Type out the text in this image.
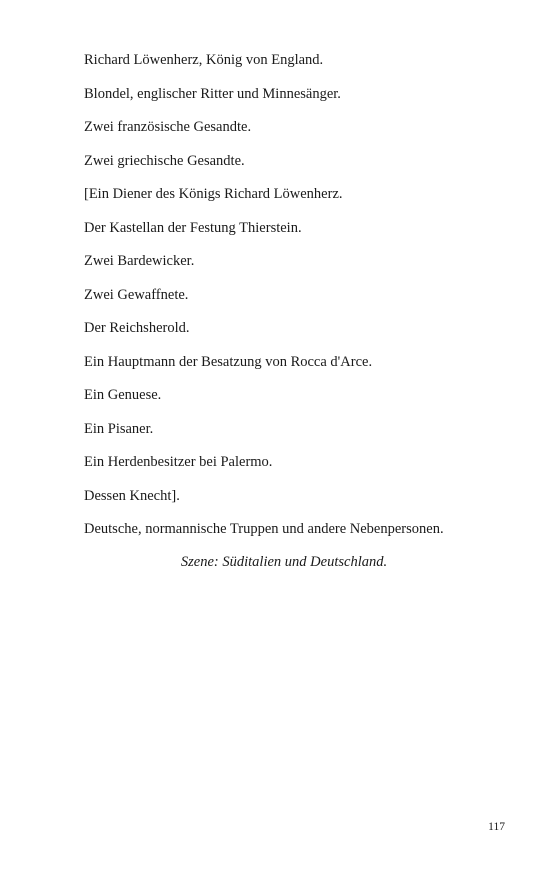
Richard Löwenherz, König von England.
Blondel, englischer Ritter und Minnesänger.
Zwei französische Gesandte.
Zwei griechische Gesandte.
[Ein Diener des Königs Richard Löwenherz.
Der Kastellan der Festung Thierstein.
Zwei Bardewicker.
Zwei Gewaffnete.
Der Reichsherold.
Ein Hauptmann der Besatzung von Rocca d'Arce.
Ein Genuese.
Ein Pisaner.
Ein Herdenbesitzer bei Palermo.
Dessen Knecht].
Deutsche, normannische Truppen und andere Nebenpersonen.
Szene: Süditalien und Deutschland.
117
